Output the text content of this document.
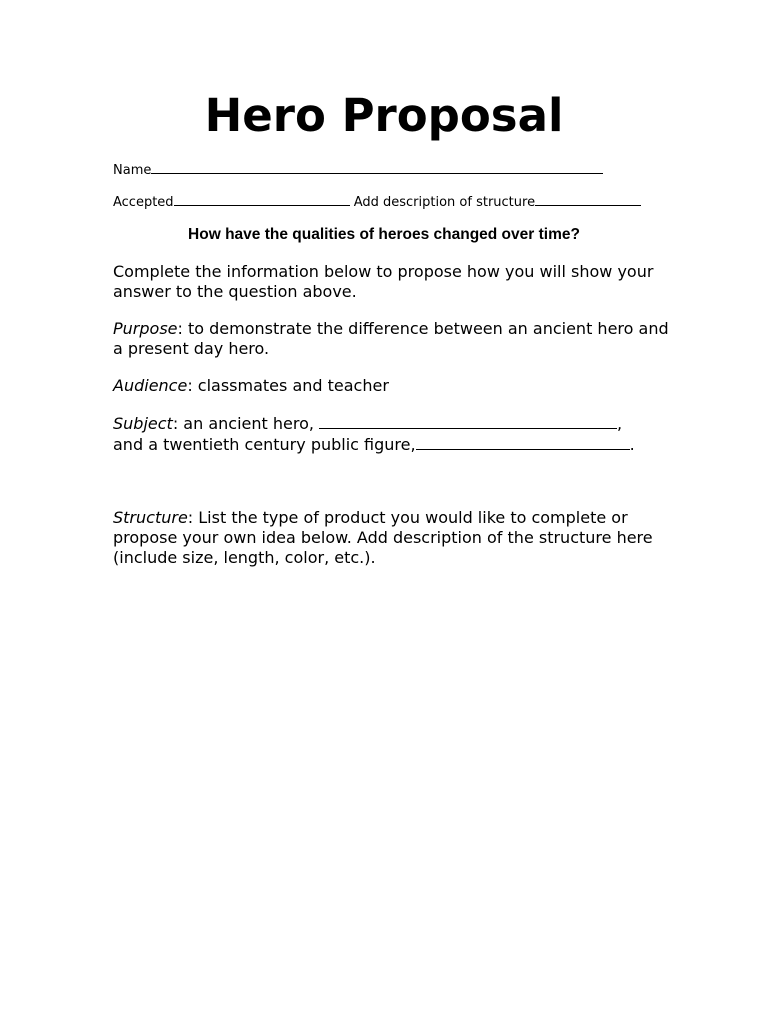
Hero Proposal
Name
Accepted	Add description of structure

How have the qualities of heroes changed over time?

Complete the information below to propose how you will show your answer to the question above.

Purpose: to demonstrate the difference between an ancient hero and a present day hero.

Audience: classmates and teacher

Subject: an ancient hero,	,
and a twentieth century public figure,	.

Structure: List the type of product you would like to complete or propose your own idea below. Add description of the structure here (include size, length, color, etc.).
